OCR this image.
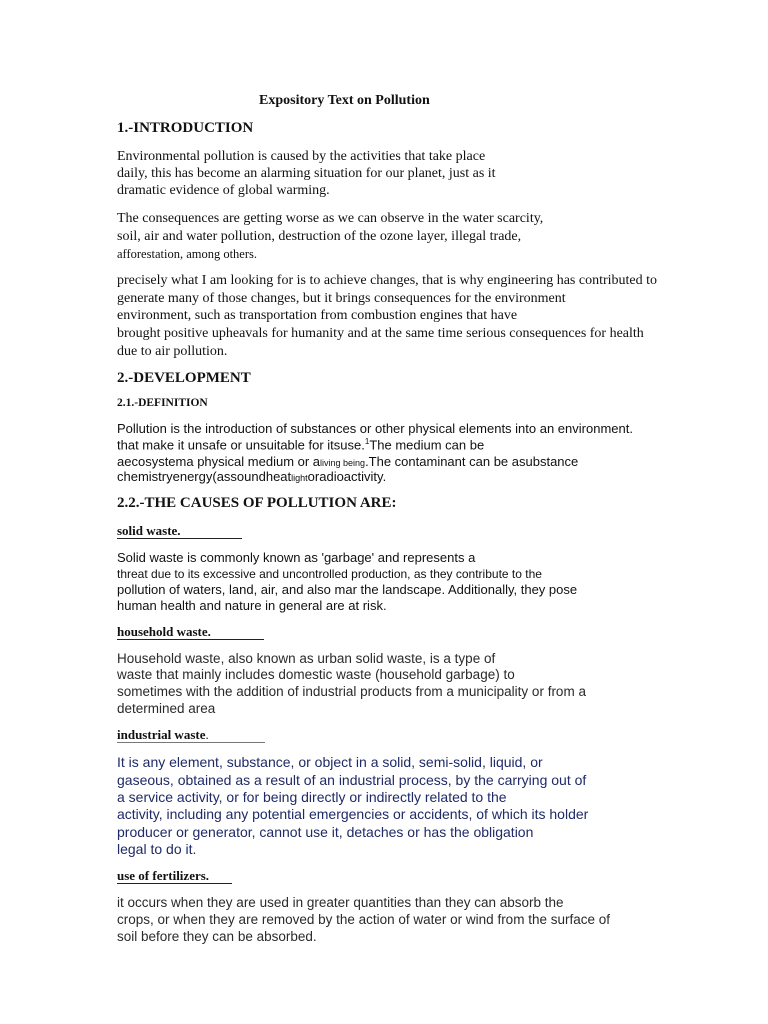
Expository Text on Pollution
1.-INTRODUCTION
Environmental pollution is caused by the activities that take place
daily, this has become an alarming situation for our planet, just as it
dramatic evidence of global warming.
The consequences are getting worse as we can observe in the water scarcity,
soil, air and water pollution, destruction of the ozone layer, illegal trade,
afforestation, among others.
precisely what I am looking for is to achieve changes, that is why engineering has contributed to
generate many of those changes, but it brings consequences for the environment
environment, such as transportation from combustion engines that have
brought positive upheavals for humanity and at the same time serious consequences for health
due to air pollution.
2.-DEVELOPMENT
2.1.-DEFINITION
Pollution is the introduction of substances or other physical elements into an environment.
that make it unsafe or unsuitable for itsuse.$^1$The medium can be
aecosystema physical medium or aliving being.The contaminant can be asubstance
chemistryenergy(assoundheatlightoradioactivity.
2.2.-THE CAUSES OF POLLUTION ARE:
solid waste.
Solid waste is commonly known as 'garbage' and represents a
threat due to its excessive and uncontrolled production, as they contribute to the
pollution of waters, land, air, and also mar the landscape. Additionally, they pose
human health and nature in general are at risk.
household waste.
Household waste, also known as urban solid waste, is a type of
waste that mainly includes domestic waste (household garbage) to
sometimes with the addition of industrial products from a municipality or from a
determined area
industrial waste.
It is any element, substance, or object in a solid, semi-solid, liquid, or
gaseous, obtained as a result of an industrial process, by the carrying out of
a service activity, or for being directly or indirectly related to the
activity, including any potential emergencies or accidents, of which its holder
producer or generator, cannot use it, detaches or has the obligation
legal to do it.
use of fertilizers.
it occurs when they are used in greater quantities than they can absorb the
crops, or when they are removed by the action of water or wind from the surface of
soil before they can be absorbed.
